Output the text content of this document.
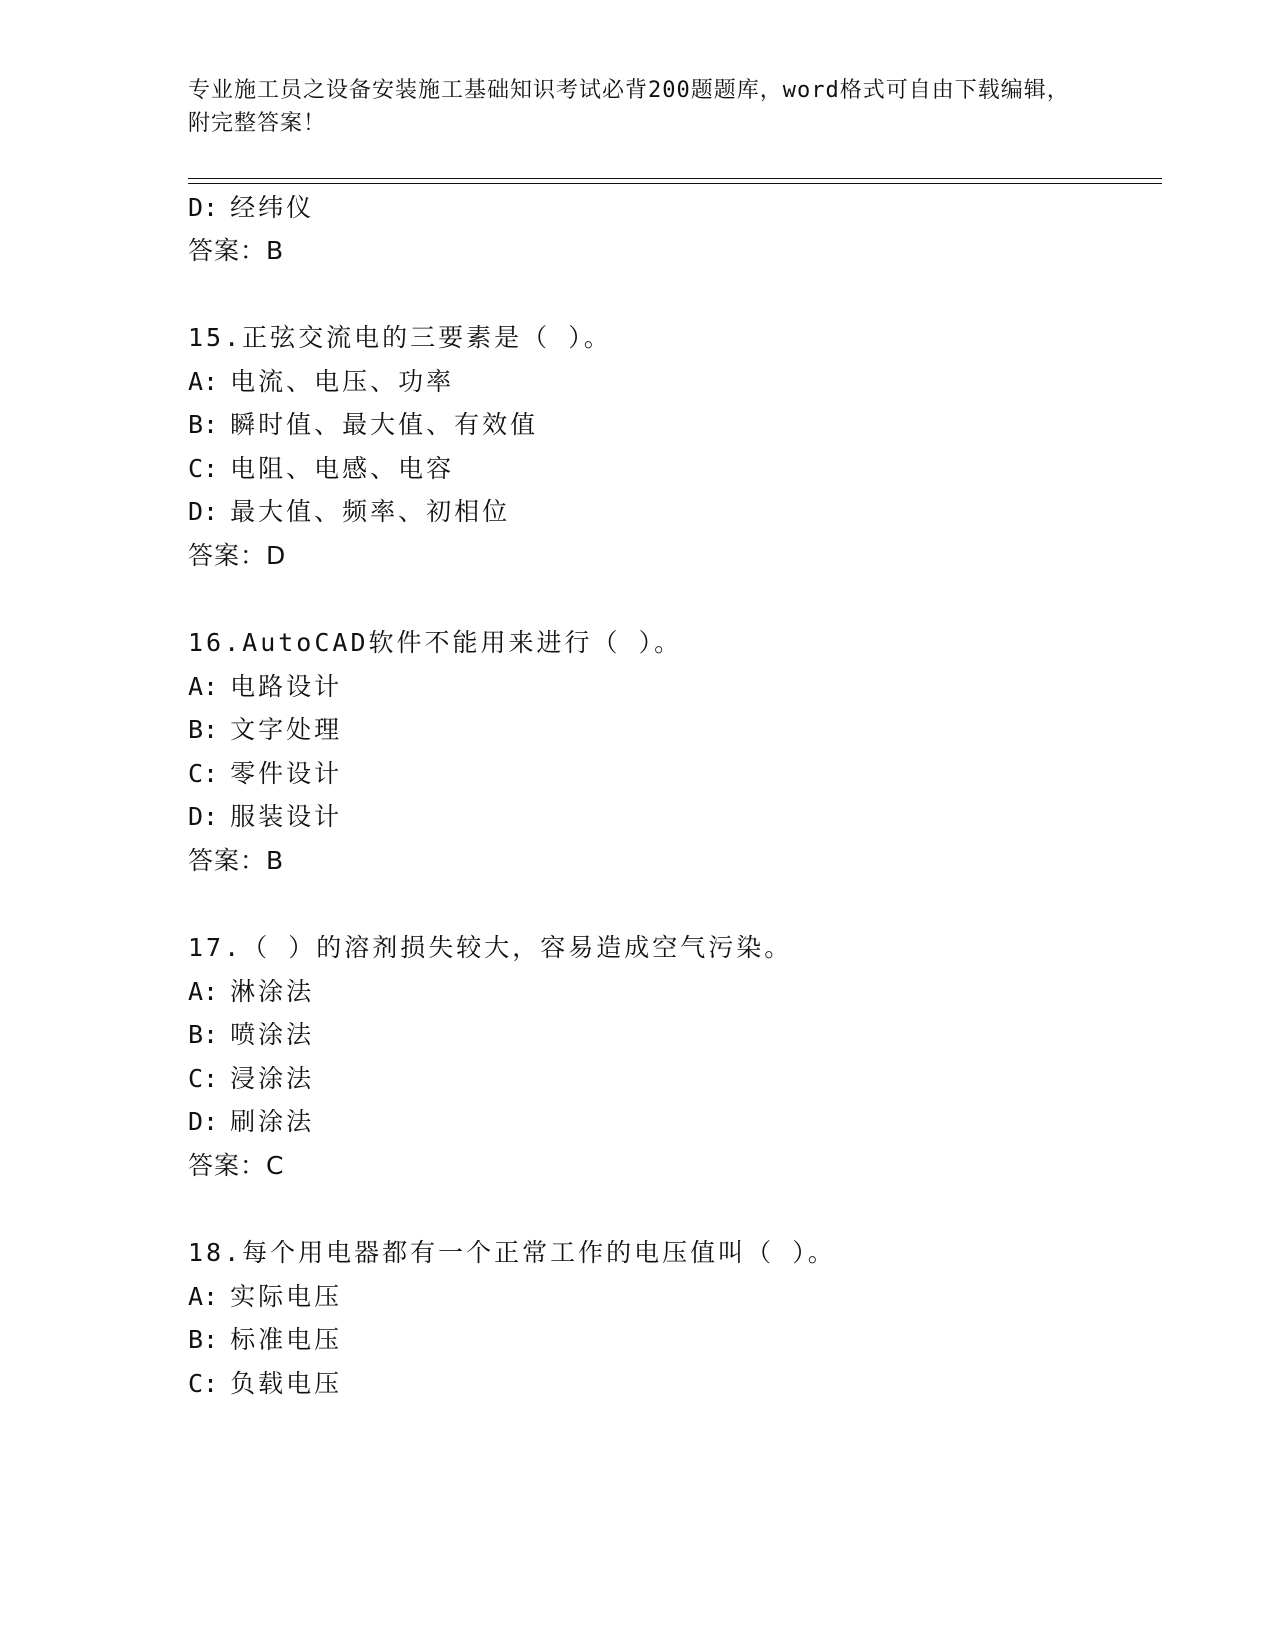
专业施工员之设备安装施工基础知识考试必背200题题库，word格式可自由下载编辑，附完整答案！
D: 经纬仪
答案：B
15.正弦交流电的三要素是（ ）。
A: 电流、电压、功率
B: 瞬时值、最大值、有效值
C: 电阻、电感、电容
D: 最大值、频率、初相位
答案：D
16.AutoCAD软件不能用来进行（ ）。
A: 电路设计
B: 文字处理
C: 零件设计
D: 服装设计
答案：B
17.（ ）的溶剂损失较大，容易造成空气污染。
A: 淋涂法
B: 喷涂法
C: 浸涂法
D: 刷涂法
答案：C
18.每个用电器都有一个正常工作的电压值叫（ ）。
A: 实际电压
B: 标准电压
C: 负载电压
